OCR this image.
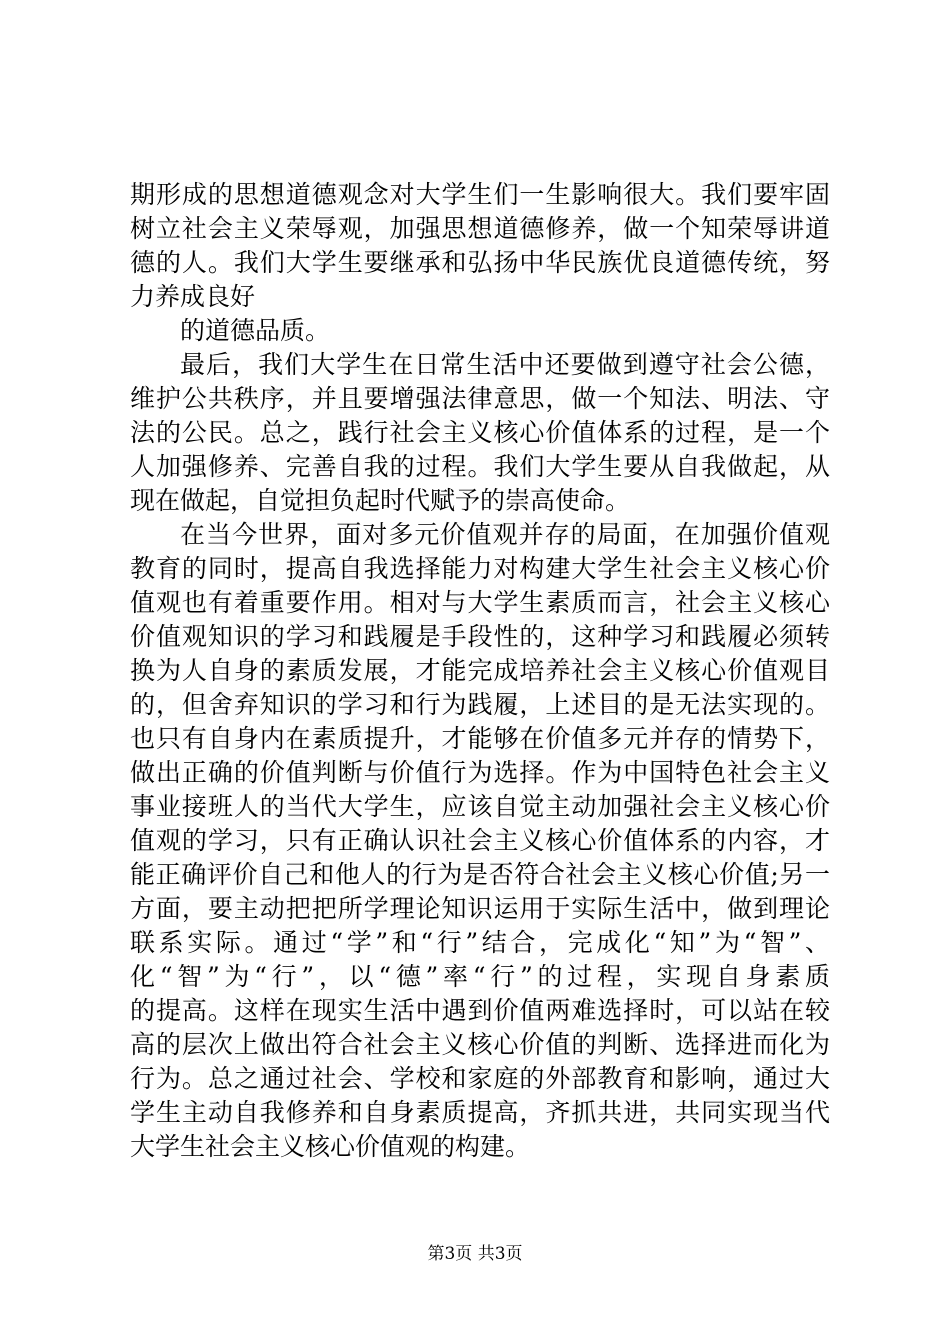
期形成的思想道德观念对大学生们一生影响很大。我们要牢固
树立社会主义荣辱观，加强思想道德修养，做一个知荣辱讲道
德的人。我们大学生要继承和弘扬中华民族优良道德传统，努
力养成良好
的道德品质。
最后，我们大学生在日常生活中还要做到遵守社会公德，
维护公共秩序，并且要增强法律意思，做一个知法、明法、守
法的公民。总之，践行社会主义核心价值体系的过程，是一个
人加强修养、完善自我的过程。我们大学生要从自我做起，从
现在做起，自觉担负起时代赋予的崇高使命。
在当今世界，面对多元价值观并存的局面，在加强价值观
教育的同时，提高自我选择能力对构建大学生社会主义核心价
值观也有着重要作用。相对与大学生素质而言，社会主义核心
价值观知识的学习和践履是手段性的，这种学习和践履必须转
换为人自身的素质发展，才能完成培养社会主义核心价值观目
的，但舍弃知识的学习和行为践履，上述目的是无法实现的。
也只有自身内在素质提升，才能够在价值多元并存的情势下，
做出正确的价值判断与价值行为选择。作为中国特色社会主义
事业接班人的当代大学生，应该自觉主动加强社会主义核心价
值观的学习，只有正确认识社会主义核心价值体系的内容，才
能正确评价自己和他人的行为是否符合社会主义核心价值;另一
方面，要主动把把所学理论知识运用于实际生活中，做到理论
联系实际。通过“学”和“行”结合，完成化“知”为“智”、
化“智”为“行”，以“德”率“行”的过程，实现自身素质
的提高。这样在现实生活中遇到价值两难选择时，可以站在较
高的层次上做出符合社会主义核心价值的判断、选择进而化为
行为。总之通过社会、学校和家庭的外部教育和影响，通过大
学生主动自我修养和自身素质提高，齐抓共进，共同实现当代
大学生社会主义核心价值观的构建。
第3页 共3页
